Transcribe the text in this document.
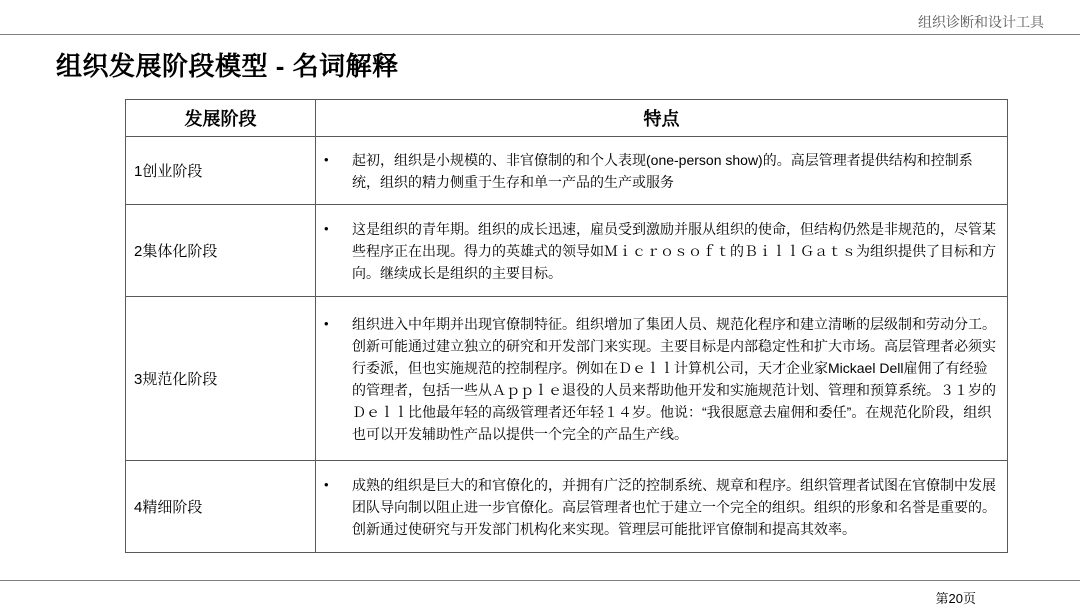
组织诊断和设计工具
组织发展阶段模型 - 名词解释
发展阶段	特点
1创业阶段	• 起初，组织是小规模的、非官僚制的和个人表现(one-person show)的。高层管理者提供结构和控制系统，组织的精力侧重于生存和单一产品的生产或服务

2集体化阶段	• 这是组织的青年期。组织的成长迅速，雇员受到激励并服从组织的使命，但结构仍然是非规范的，尽管某些程序正在出现。得力的英雄式的领导如Ｍｉｃｒｏｓｏｆｔ的ＢｉｌｌＧａｔｓ为组织提供了目标和方向。继续成长是组织的主要目标。

3规范化阶段	• 组织进入中年期并出现官僚制特征。组织增加了集团人员、规范化程序和建立清晰的层级制和劳动分工。创新可能通过建立独立的研究和开发部门来实现。主要目标是内部稳定性和扩大市场。高层管理者必须实行委派，但也实施规范的控制程序。例如在Ｄｅｌｌ计算机公司，天才企业家Mickael Dell雇佣了有经验的管理者，包括一些从Ａｐｐｌｅ退役的人员来帮助他开发和实施规范计划、管理和预算系统。３１岁的Ｄｅｌｌ比他最年轻的高级管理者还年轻１４岁。他说：“我很愿意去雇佣和委任”。在规范化阶段，组织也可以开发辅助性产品以提供一个完全的产品生产线。

4精细阶段	• 成熟的组织是巨大的和官僚化的，并拥有广泛的控制系统、规章和程序。组织管理者试图在官僚制中发展团队导向制以阻止进一步官僚化。高层管理者也忙于建立一个完全的组织。组织的形象和名誉是重要的。创新通过使研究与开发部门机构化来实现。管理层可能批评官僚制和提高其效率。
第20页
